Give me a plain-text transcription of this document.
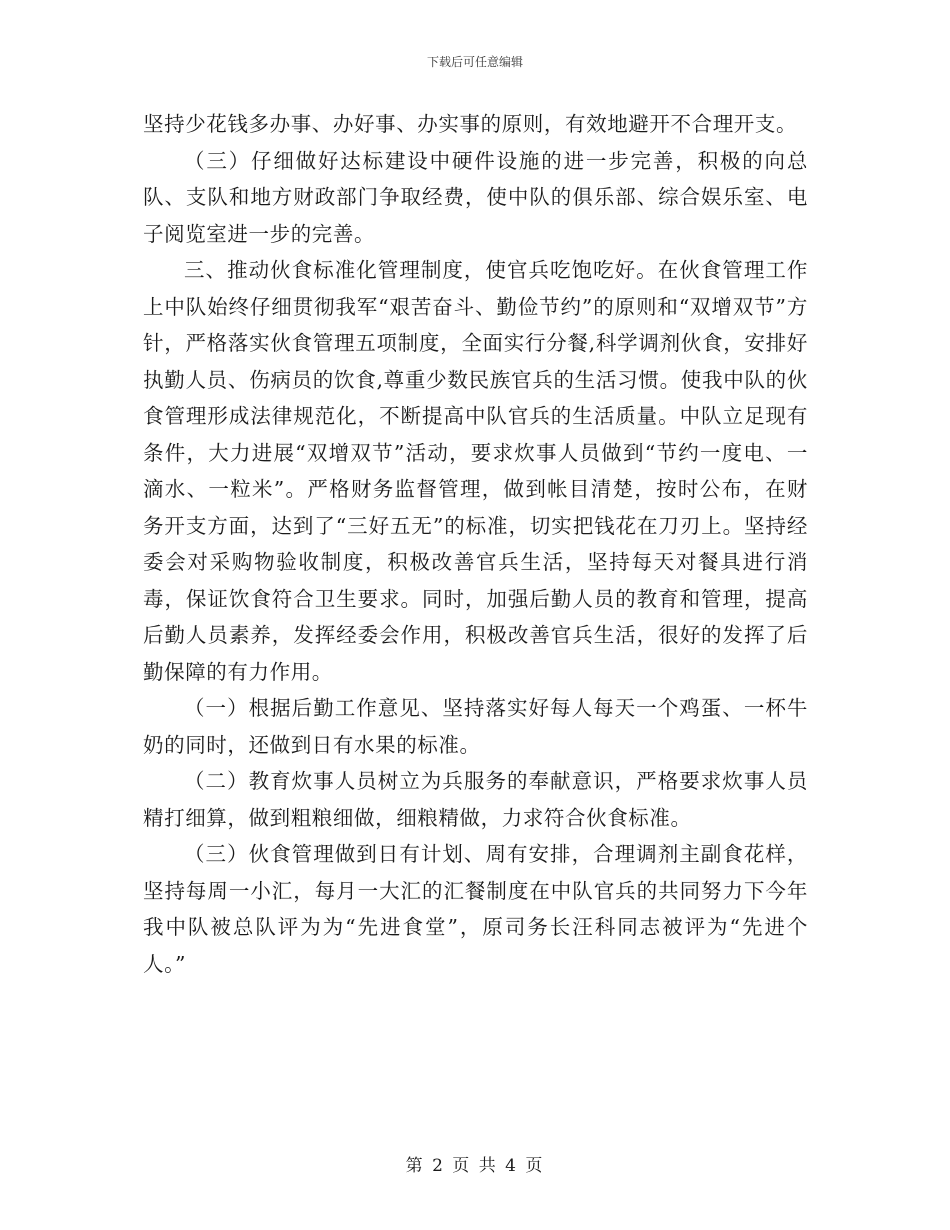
下载后可任意编辑

坚持少花钱多办事、办好事、办实事的原则，有效地避开不合理开支。

（三）仔细做好达标建设中硬件设施的进一步完善，积极的向总队、支队和地方财政部门争取经费，使中队的俱乐部、综合娱乐室、电子阅览室进一步的完善。

三、推动伙食标准化管理制度，使官兵吃饱吃好。在伙食管理工作上中队始终仔细贯彻我军“艰苦奋斗、勤俭节约”的原则和“双增双节”方针，严格落实伙食管理五项制度，全面实行分餐,科学调剂伙食，安排好执勤人员、伤病员的饮食,尊重少数民族官兵的生活习惯。使我中队的伙食管理形成法律规范化，不断提高中队官兵的生活质量。中队立足现有条件，大力进展“双增双节”活动，要求炊事人员做到“节约一度电、一滴水、一粒米”。严格财务监督管理，做到帐目清楚，按时公布，在财务开支方面，达到了“三好五无”的标准，切实把钱花在刀刃上。坚持经委会对采购物验收制度，积极改善官兵生活，坚持每天对餐具进行消毒，保证饮食符合卫生要求。同时，加强后勤人员的教育和管理，提高后勤人员素养，发挥经委会作用，积极改善官兵生活，很好的发挥了后勤保障的有力作用。

（一）根据后勤工作意见、坚持落实好每人每天一个鸡蛋、一杯牛奶的同时，还做到日有水果的标准。

（二）教育炊事人员树立为兵服务的奉献意识，严格要求炊事人员精打细算，做到粗粮细做，细粮精做，力求符合伙食标准。

（三）伙食管理做到日有计划、周有安排，合理调剂主副食花样，坚持每周一小汇，每月一大汇的汇餐制度在中队官兵的共同努力下今年我中队被总队评为为“先进食堂”，原司务长汪科同志被评为“先进个人。”

第 2 页 共 4 页
